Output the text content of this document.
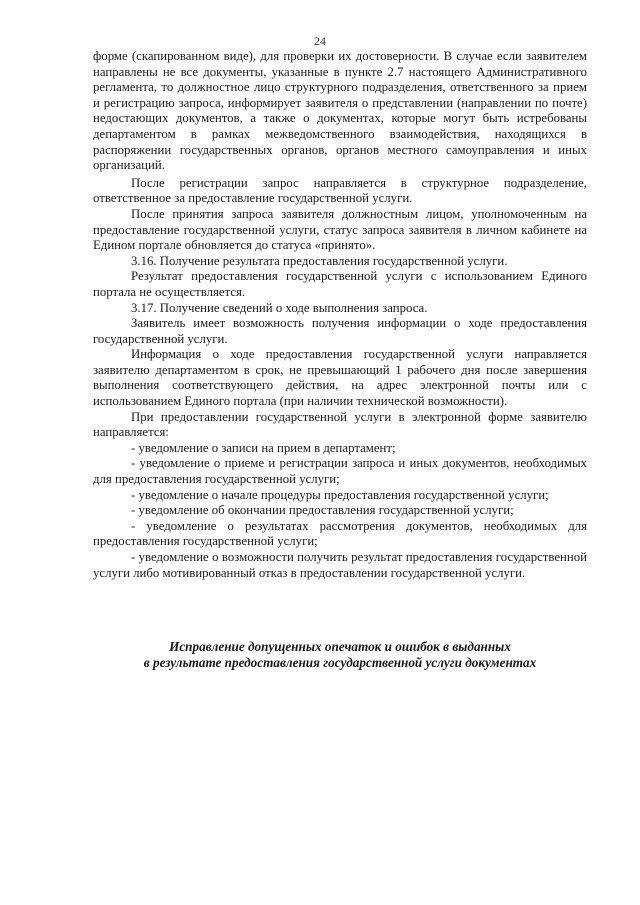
24

форме (скапированном виде), для проверки их достоверности. В случае если заявителем направлены не все документы, указанные в пункте 2.7 настоящего Административного регламента, то должностное лицо структурного подразделения, ответственного за прием и регистрацию запроса, информирует заявителя о представлении (направлении по почте) недостающих документов, а также о документах, которые могут быть истребованы департаментом в рамках межведомственного взаимодействия, находящихся в распоряжении государственных органов, органов местного самоуправления и иных организаций.

После регистрации запрос направляется в структурное подразделение, ответственное за предоставление государственной услуги.

После принятия запроса заявителя должностным лицом, уполномоченным на предоставление государственной услуги, статус запроса заявителя в личном кабинете на Едином портале обновляется до статуса «принято».

3.16. Получение результата предоставления государственной услуги.

Результат предоставления государственной услуги с использованием Единого портала не осуществляется.

3.17. Получение сведений о ходе выполнения запроса.

Заявитель имеет возможность получения информации о ходе предоставления государственной услуги.

Информация о ходе предоставления государственной услуги направляется заявителю департаментом в срок, не превышающий 1 рабочего дня после завершения выполнения соответствующего действия, на адрес электронной почты или с использованием Единого портала (при наличии технической возможности).

При предоставлении государственной услуги в электронной форме заявителю направляется:

- уведомление о записи на прием в департамент;

- уведомление о приеме и регистрации запроса и иных документов, необходимых для предоставления государственной услуги;

- уведомление о начале процедуры предоставления государственной услуги;

- уведомление об окончании предоставления государственной услуги;

- уведомление о результатах рассмотрения документов, необходимых для предоставления государственной услуги;

- уведомление о возможности получить результат предоставления государственной услуги либо мотивированный отказ в предоставлении государственной услуги.

Исправление допущенных опечаток и ошибок в выданных
в результате предоставления государственной услуги документах
